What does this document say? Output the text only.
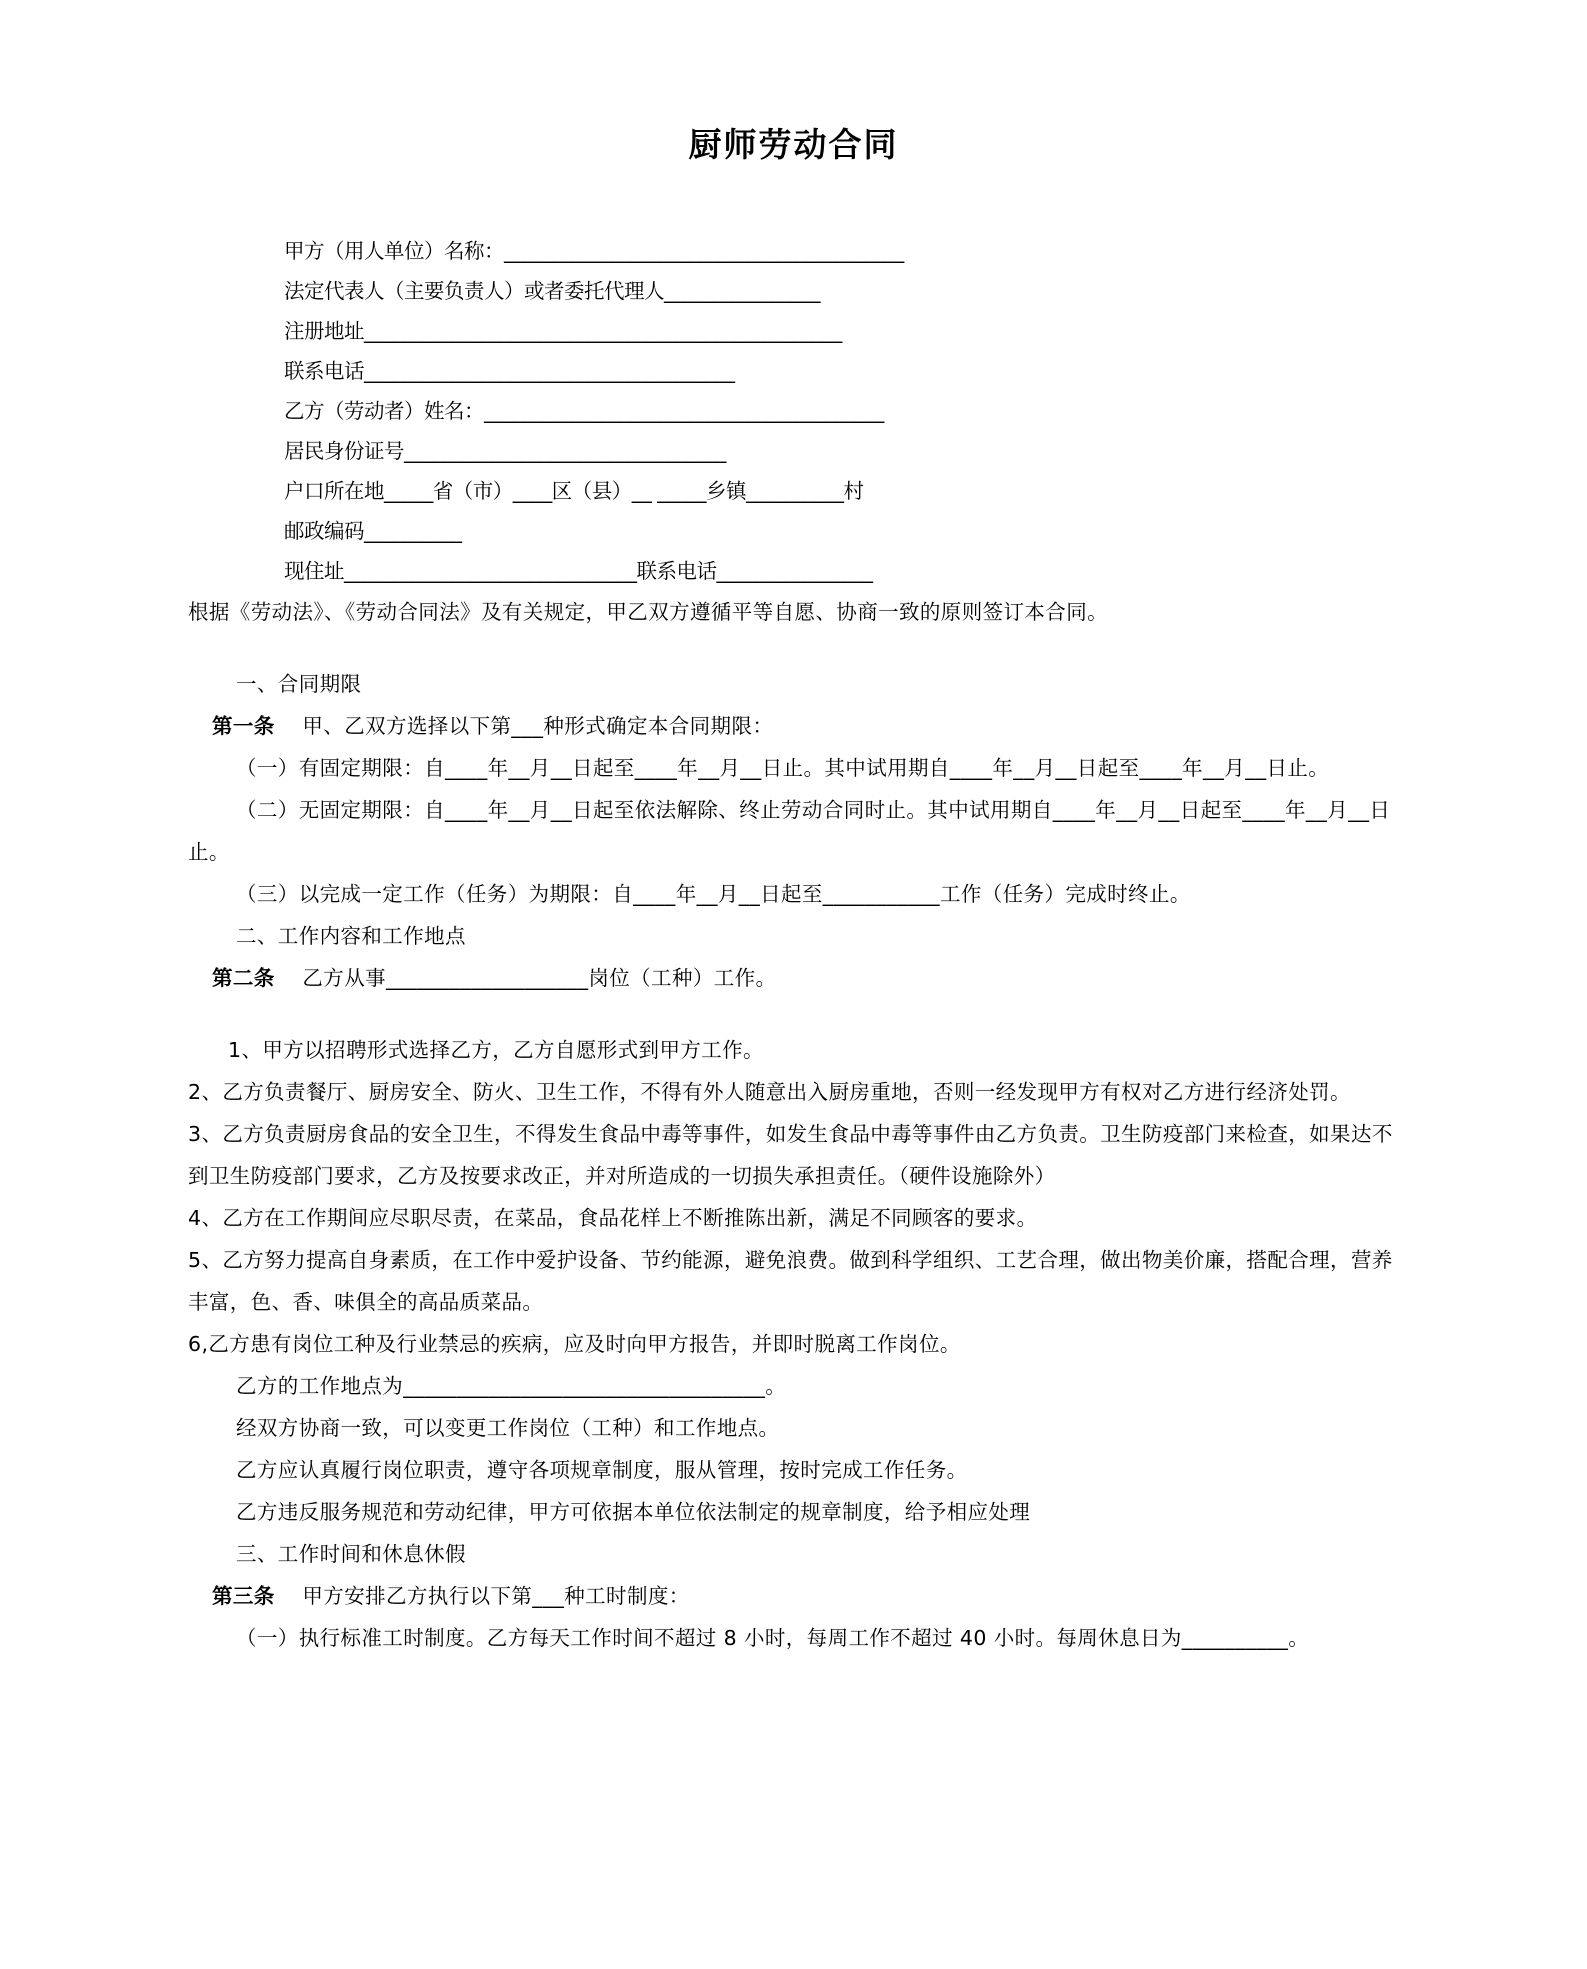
厨师劳动合同

甲方（用人单位）名称：_________________________________________

法定代表人（主要负责人）或者委托代理人________________

注册地址_________________________________________________

联系电话______________________________________

乙方（劳动者）姓名：_________________________________________

居民身份证号_________________________________

户口所在地_____省（市）____区（县）__ _____乡镇__________村

邮政编码__________

现住址______________________________联系电话________________

根据《劳动法》、《劳动合同法》及有关规定，甲乙双方遵循平等自愿、协商一致的原则签订本合同。

一、合同期限

第一条 甲、乙双方选择以下第___种形式确定本合同期限：

（一）有固定期限：自____年__月__日起至____年__月__日止。其中试用期自____年__月__日起至____年__月__日止。

（二）无固定期限：自____年__月__日起至依法解除、终止劳动合同时止。其中试用期自____年__月__日起至____年__月__日止。

（三）以完成一定工作（任务）为期限：自____年__月__日起至___________工作（任务）完成时终止。

二、工作内容和工作地点

第二条 乙方从事___________________岗位（工种）工作。

1、甲方以招聘形式选择乙方，乙方自愿形式到甲方工作。

2、乙方负责餐厅、厨房安全、防火、卫生工作，不得有外人随意出入厨房重地，否则一经发现甲方有权对乙方进行经济处罚。

3、乙方负责厨房食品的安全卫生，不得发生食品中毒等事件，如发生食品中毒等事件由乙方负责。卫生防疫部门来检查，如果达不到卫生防疫部门要求，乙方及按要求改正，并对所造成的一切损失承担责任。（硬件设施除外）

4、乙方在工作期间应尽职尽责，在菜品，食品花样上不断推陈出新，满足不同顾客的要求。

5、乙方努力提高自身素质，在工作中爱护设备、节约能源，避免浪费。做到科学组织、工艺合理，做出物美价廉，搭配合理，营养丰富，色、香、味俱全的高品质菜品。

6,乙方患有岗位工种及行业禁忌的疾病，应及时向甲方报告，并即时脱离工作岗位。

乙方的工作地点为__________________________________。

经双方协商一致，可以变更工作岗位（工种）和工作地点。

乙方应认真履行岗位职责，遵守各项规章制度，服从管理，按时完成工作任务。

乙方违反服务规范和劳动纪律，甲方可依据本单位依法制定的规章制度，给予相应处理

三、工作时间和休息休假

第三条 甲方安排乙方执行以下第___种工时制度：

（一）执行标准工时制度。乙方每天工作时间不超过 8 小时，每周工作不超过 40 小时。每周休息日为__________。
